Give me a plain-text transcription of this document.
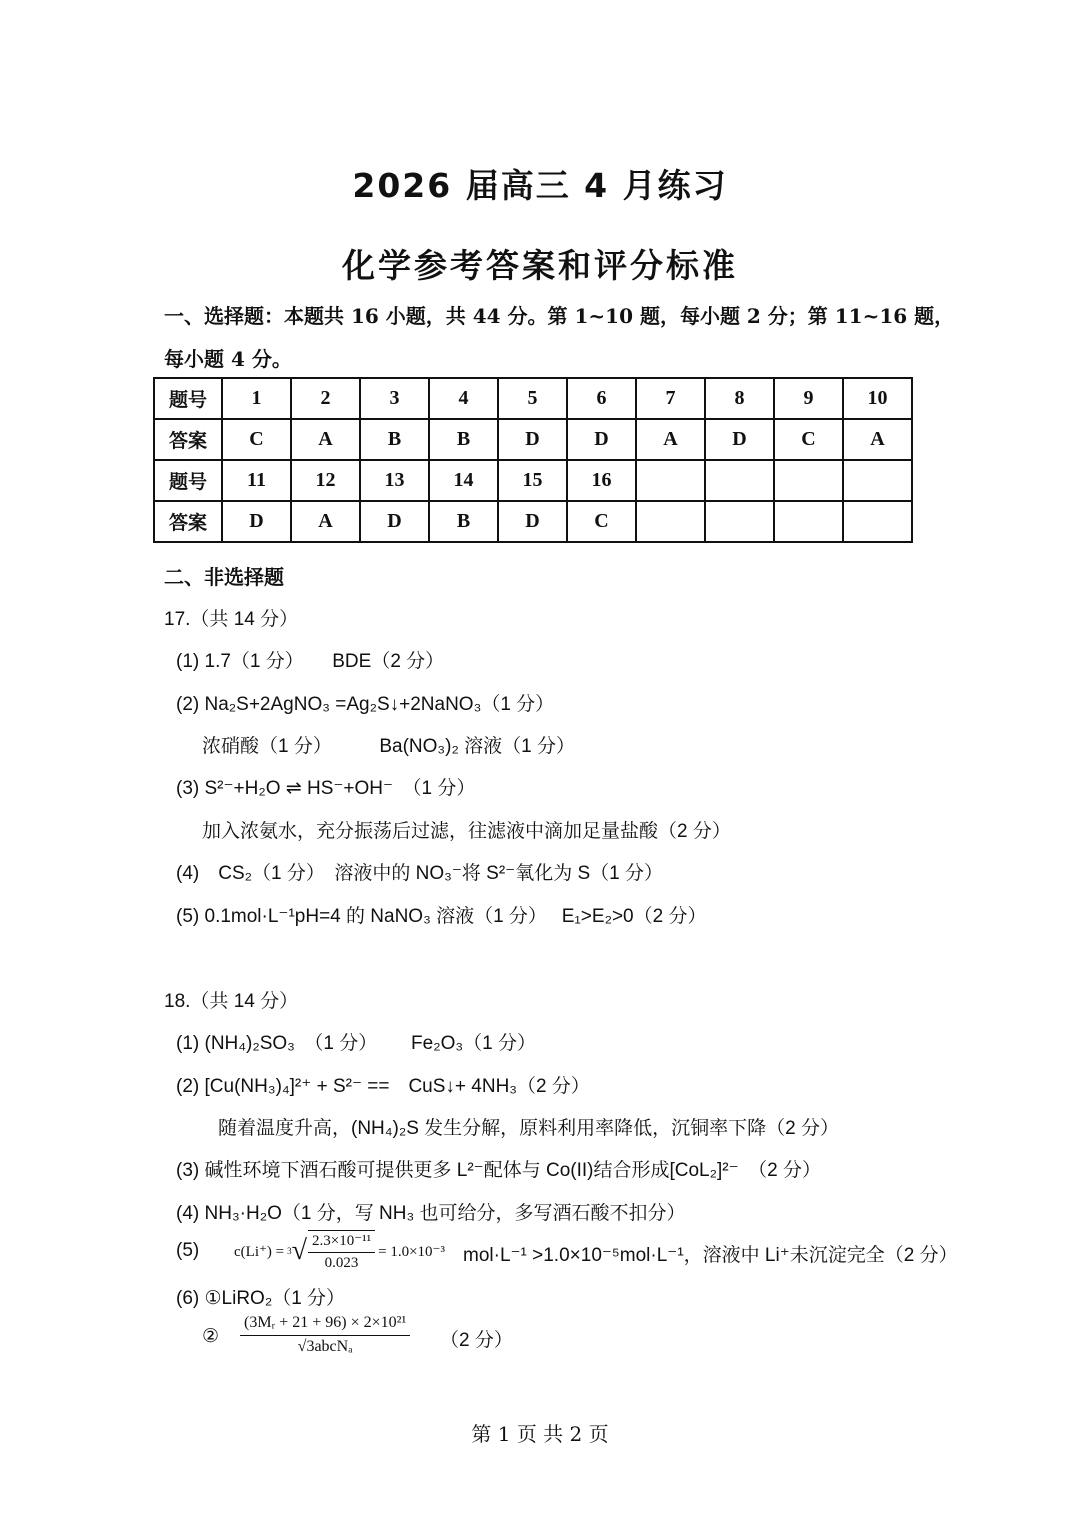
2026 届高三 4 月练习
化学参考答案和评分标准
一、选择题：本题共 16 小题，共 44 分。第 1~10 题，每小题 2 分；第 11~16 题，
每小题 4 分。
题号	1	2	3	4	5	6	7	8	9	10
答案	C	A	B	B	D	D	A	D	C	A
题号	11	12	13	14	15	16				
答案	D	A	D	B	D	C				
二、非选择题
17.（共 14 分）
(1) 1.7（1 分）　　BDE（2 分）
(2) Na₂S+2AgNO₃ =Ag₂S↓+2NaNO₃（1 分）
浓硝酸（1 分）　　　Ba(NO₃)₂ 溶液（1 分）
(3) S²⁻+H₂O ⇌ HS⁻+OH⁻　（1 分）
加入浓氨水，充分振荡后过滤，往滤液中滴加足量盐酸（2 分）
(4)　CS₂（1 分）　溶液中的 NO₃⁻将 S²⁻氧化为 S（1 分）
(5) 0.1mol·L⁻¹pH=4 的 NaNO₃ 溶液（1 分）　 E₁>E₂>0（2 分）
18.（共 14 分）
(1) (NH₄)₂SO₃　（1 分）　　 Fe₂O₃（1 分）
(2) [Cu(NH₃)₄]²⁺ + S²⁻ ==　CuS↓+ 4NH₃（2 分）
随着温度升高，(NH₄)₂S 发生分解，原料利用率降低，沉铜率下降（2 分）
(3) 碱性环境下酒石酸可提供更多 L²⁻配体与 Co(II)结合形成[CoL₂]²⁻　（2 分）
(4) NH₃·H₂O（1 分，写 NH₃ 也可给分，多写酒石酸不扣分）
(5) c(Li⁺) = 3 √ $\frac{\text{2.3×10⁻¹¹}}{0.023} = 1.0\times 10^{-3}$ mol·L⁻¹ >1.0×10⁻⁵mol·L⁻¹，溶液中 Li⁺未沉淀完全（2 分）
(6) ①LiRO₂（1 分）
② $\frac{\text{(3Mᵣ + 21 + 96) × 2×10²¹}}{\text{√3abcNₐ}} (2$ 分）
第 1 页 共 2 页
